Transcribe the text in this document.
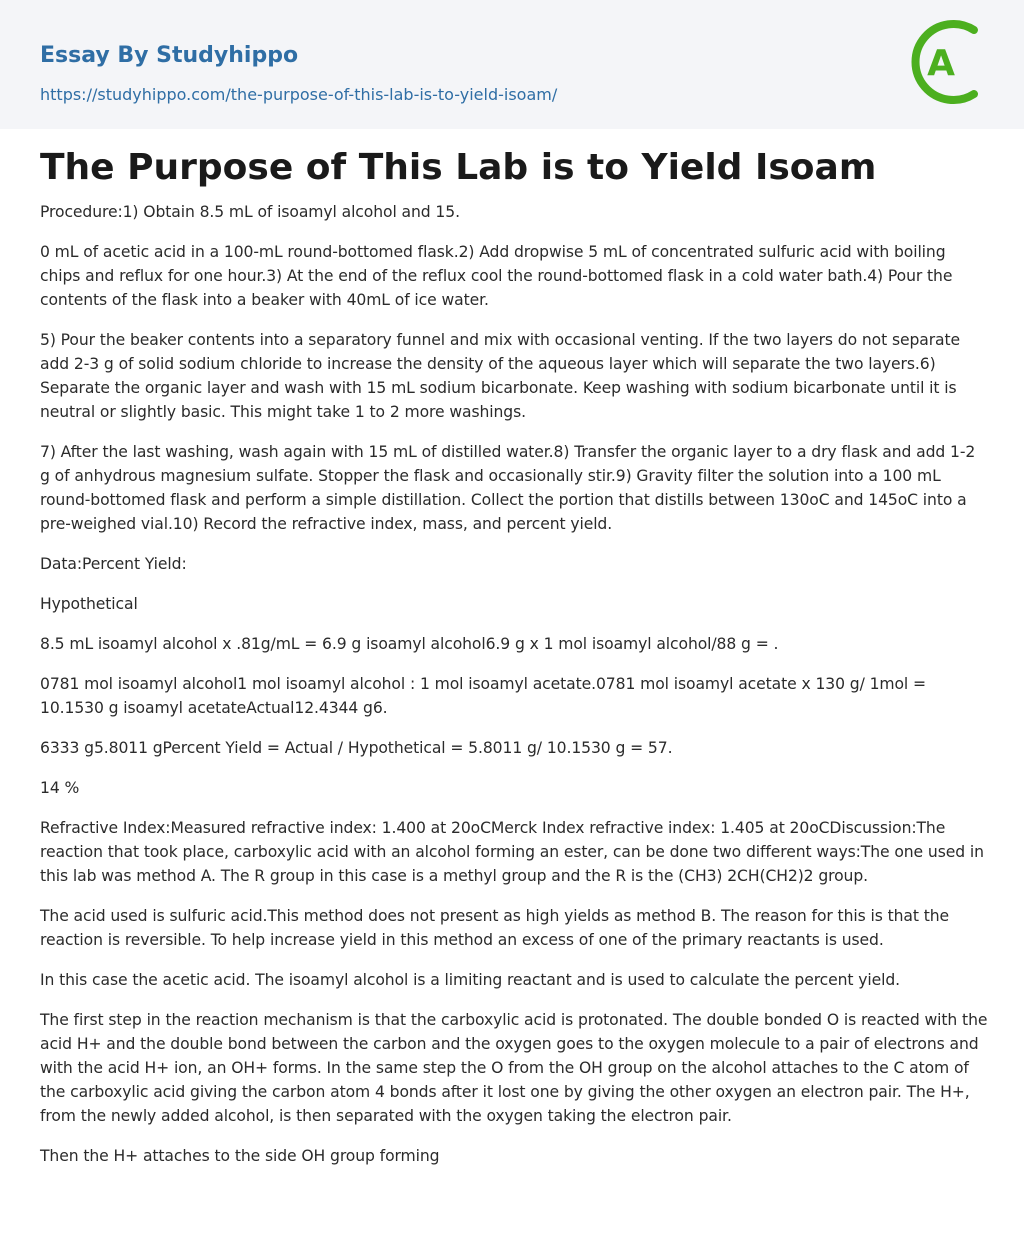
Essay By Studyhippo
https://studyhippo.com/the-purpose-of-this-lab-is-to-yield-isoam/
A
The Purpose of This Lab is to Yield Isoam

Procedure:1) Obtain 8.5 mL of isoamyl alcohol and 15.

0 mL of acetic acid in a 100-mL round-bottomed flask.2) Add dropwise 5 mL of concentrated sulfuric acid with boiling chips and reflux for one hour.3) At the end of the reflux cool the round-bottomed flask in a cold water bath.4) Pour the contents of the flask into a beaker with 40mL of ice water.

5) Pour the beaker contents into a separatory funnel and mix with occasional venting. If the two layers do not separate add 2-3 g of solid sodium chloride to increase the density of the aqueous layer which will separate the two layers.6) Separate the organic layer and wash with 15 mL sodium bicarbonate. Keep washing with sodium bicarbonate until it is neutral or slightly basic. This might take 1 to 2 more washings.

7) After the last washing, wash again with 15 mL of distilled water.8) Transfer the organic layer to a dry flask and add 1-2 g of anhydrous magnesium sulfate. Stopper the flask and occasionally stir.9) Gravity filter the solution into a 100 mL round-bottomed flask and perform a simple distillation. Collect the portion that distills between 130oC and 145oC into a pre-weighed vial.10) Record the refractive index, mass, and percent yield.

Data:Percent Yield:

Hypothetical

8.5 mL isoamyl alcohol x .81g/mL = 6.9 g isoamyl alcohol6.9 g x 1 mol isoamyl alcohol/88 g = .

0781 mol isoamyl alcohol1 mol isoamyl alcohol : 1 mol isoamyl acetate.0781 mol isoamyl acetate x 130 g/ 1mol = 10.1530 g isoamyl acetateActual12.4344 g6.

6333 g5.8011 gPercent Yield = Actual / Hypothetical = 5.8011 g/ 10.1530 g = 57.

14 %

Refractive Index:Measured refractive index: 1.400 at 20oCMerck Index refractive index: 1.405 at 20oCDiscussion:The reaction that took place, carboxylic acid with an alcohol forming an ester, can be done two different ways:The one used in this lab was method A. The R group in this case is a methyl group and the R is the (CH3) 2CH(CH2)2 group.

The acid used is sulfuric acid.This method does not present as high yields as method B. The reason for this is that the reaction is reversible. To help increase yield in this method an excess of one of the primary reactants is used.

In this case the acetic acid. The isoamyl alcohol is a limiting reactant and is used to calculate the percent yield.

The first step in the reaction mechanism is that the carboxylic acid is protonated. The double bonded O is reacted with the acid H+ and the double bond between the carbon and the oxygen goes to the oxygen molecule to a pair of electrons and with the acid H+ ion, an OH+ forms. In the same step the O from the OH group on the alcohol attaches to the C atom of the carboxylic acid giving the carbon atom 4 bonds after it lost one by giving the other oxygen an electron pair. The H+, from the newly added alcohol, is then separated with the oxygen taking the electron pair.

Then the H+ attaches to the side OH group forming
